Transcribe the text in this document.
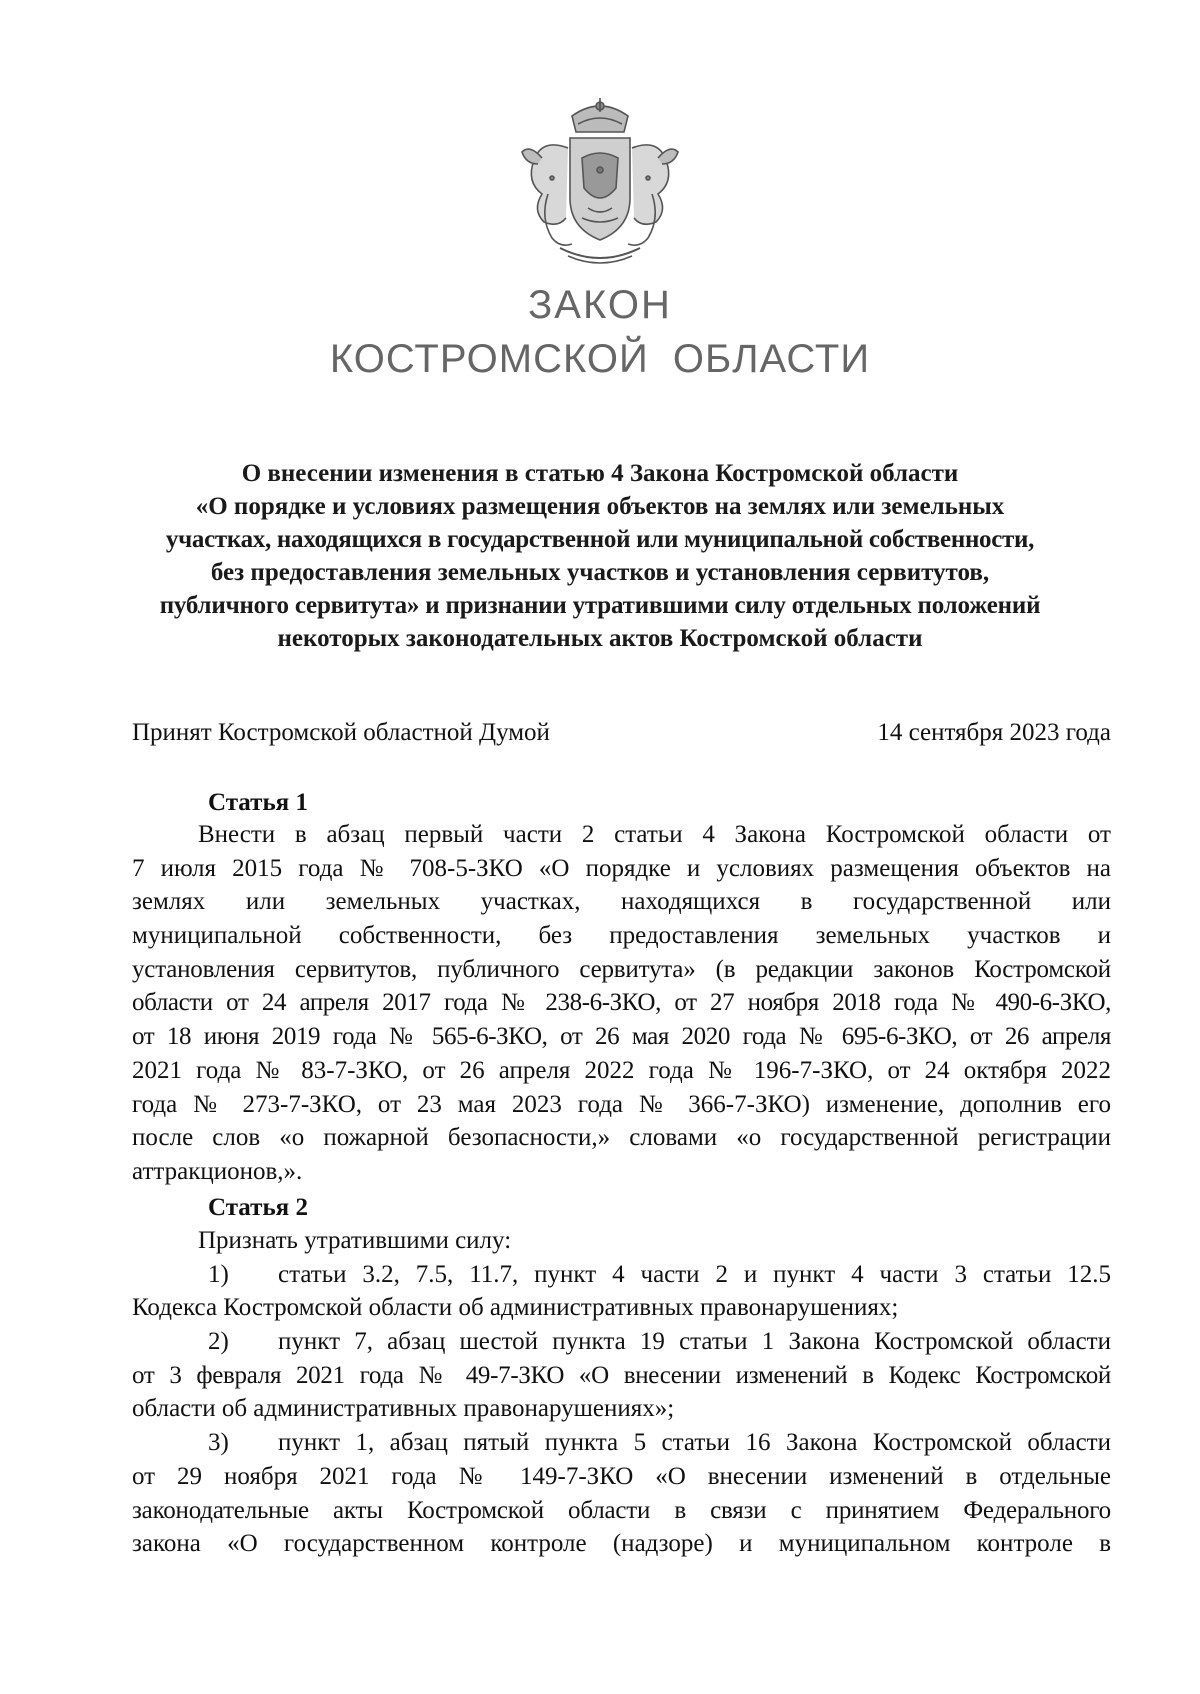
ЗАКОН
КОСТРОМСКОЙ  ОБЛАСТИ
О внесении изменения в статью 4 Закона Костромской области
«О порядке и условиях размещения объектов на землях или земельных
участках, находящихся в государственной или муниципальной собственности,
без предоставления земельных участков и установления сервитутов,
публичного сервитута» и признании утратившими силу отдельных положений
некоторых законодательных актов Костромской области
Принят Костромской областной Думой	14 сентября 2023 года
Статья 1
Внести в абзац первый части 2 статьи 4 Закона Костромской области от
7 июля 2015 года № 708-5-ЗКО «О порядке и условиях размещения объектов на
землях или земельных участках, находящихся в государственной или
муниципальной собственности, без предоставления земельных участков и
установления сервитутов, публичного сервитута» (в редакции законов Костромской
области от 24 апреля 2017 года № 238-6-ЗКО, от 27 ноября 2018 года № 490-6-ЗКО,
от 18 июня 2019 года № 565-6-ЗКО, от 26 мая 2020 года № 695-6-ЗКО, от 26 апреля
2021 года № 83-7-ЗКО, от 26 апреля 2022 года № 196-7-ЗКО, от 24 октября 2022
года № 273-7-ЗКО, от 23 мая 2023 года № 366-7-ЗКО) изменение, дополнив его
после слов «о пожарной безопасности,» словами «о государственной регистрации
аттракционов,».
Статья 2
Признать утратившими силу:
1)	статьи 3.2, 7.5, 11.7, пункт 4 части 2 и пункт 4 части 3 статьи 12.5
Кодекса Костромской области об административных правонарушениях;
2)	пункт 7, абзац шестой пункта 19 статьи 1 Закона Костромской области
от 3 февраля 2021 года № 49-7-ЗКО «О внесении изменений в Кодекс Костромской
области об административных правонарушениях»;
3)	пункт 1, абзац пятый пункта 5 статьи 16 Закона Костромской области
от 29 ноября 2021 года № 149-7-ЗКО «О внесении изменений в отдельные
законодательные акты Костромской области в связи с принятием Федерального
закона «О государственном контроле (надзоре) и муниципальном контроле в
